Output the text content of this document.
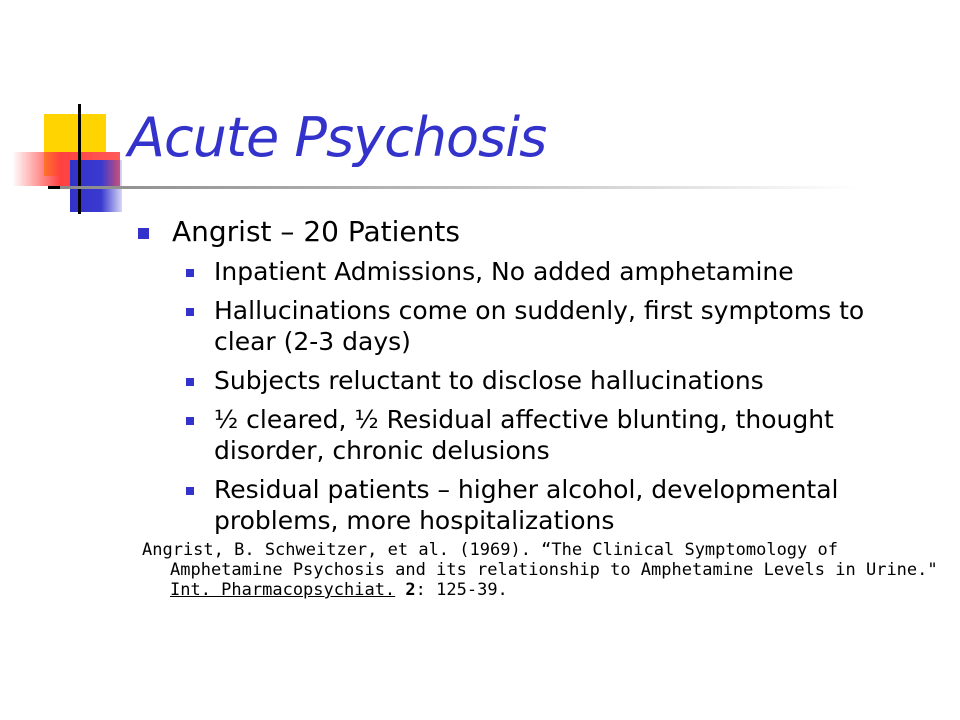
Acute Psychosis
Angrist – 20 Patients
Inpatient Admissions, No added amphetamine
Hallucinations come on suddenly, first symptoms to clear (2-3 days)
Subjects reluctant to disclose hallucinations
½ cleared, ½ Residual affective blunting, thought disorder, chronic delusions
Residual patients – higher alcohol, developmental problems, more hospitalizations
Angrist, B. Schweitzer, et al. (1969). “The Clinical Symptomology of Amphetamine Psychosis and its relationship to Amphetamine Levels in Urine." Int. Pharmacopsychiat. 2: 125-39.
